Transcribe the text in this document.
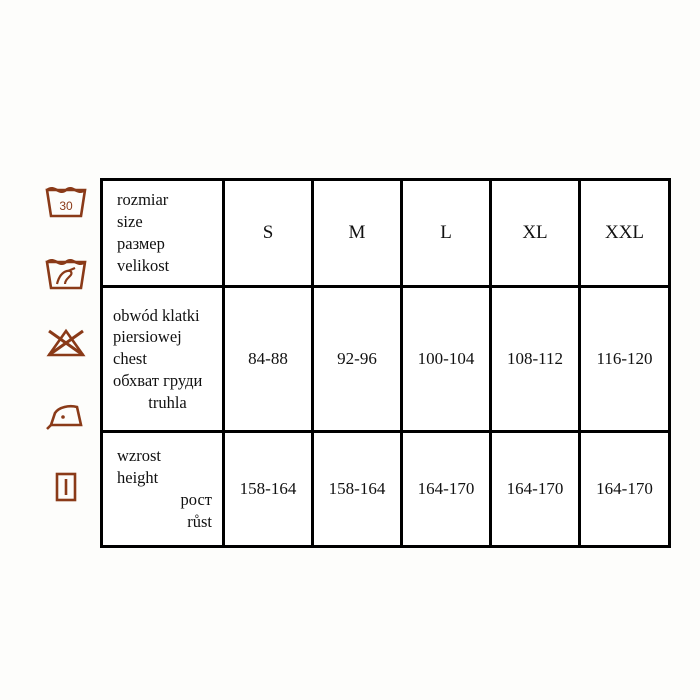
30	rozmiar
size
размер
velikost	S	M	L	XL	XXL

obwód klatki
piersiowej
chest
обхват груди
truhla	84-88	92-96	100-104	108-112	116-120

wzrost
height
рост
růst	158-164	158-164	164-170	164-170	164-170
